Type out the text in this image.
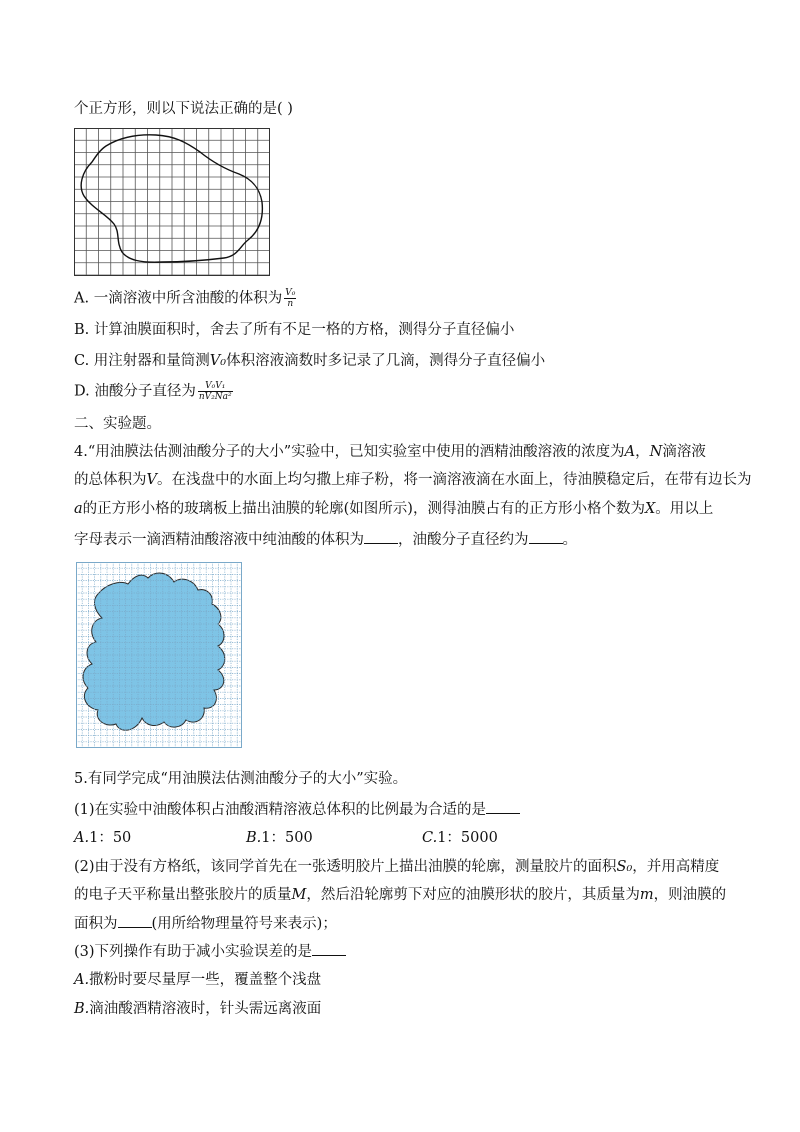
个正方形，则以下说法正确的是( )
A. 一滴溶液中所含油酸的体积为 $\frac{\text{V₀}}{n}$
B. 计算油膜面积时，舍去了所有不足一格的方格，测得分子直径偏小
C. 用注射器和量筒测V₀体积溶液滴数时多记录了几滴，测得分子直径偏小
D. 油酸分子直径为 $\frac{\text{V₀V₁}}{\text{nV₂Na²}}$
二、实验题。
4.“用油膜法估测油酸分子的大小”实验中，已知实验室中使用的酒精油酸溶液的浓度为A，N滴溶液
的总体积为V。在浅盘中的水面上均匀撒上痱子粉，将一滴溶液滴在水面上，待油膜稳定后，在带有边长为
a的正方形小格的玻璃板上描出油膜的轮廓(如图所示)，测得油膜占有的正方形小格个数为X。用以上
字母表示一滴酒精油酸溶液中纯油酸的体积为 ，油酸分子直径约为 。
5.有同学完成“用油膜法估测油酸分子的大小”实验。
(1)在实验中油酸体积占油酸酒精溶液总体积的比例最为合适的是
A.1：50	B.1：500	C.1：5000
(2)由于没有方格纸，该同学首先在一张透明胶片上描出油膜的轮廓，测量胶片的面积S₀，并用高精度
的电子天平称量出整张胶片的质量M，然后沿轮廓剪下对应的油膜形状的胶片，其质量为m，则油膜的
面积为 (用所给物理量符号来表示)；
(3)下列操作有助于减小实验误差的是
A.撒粉时要尽量厚一些，覆盖整个浅盘
B.滴油酸酒精溶液时，针头需远离液面
